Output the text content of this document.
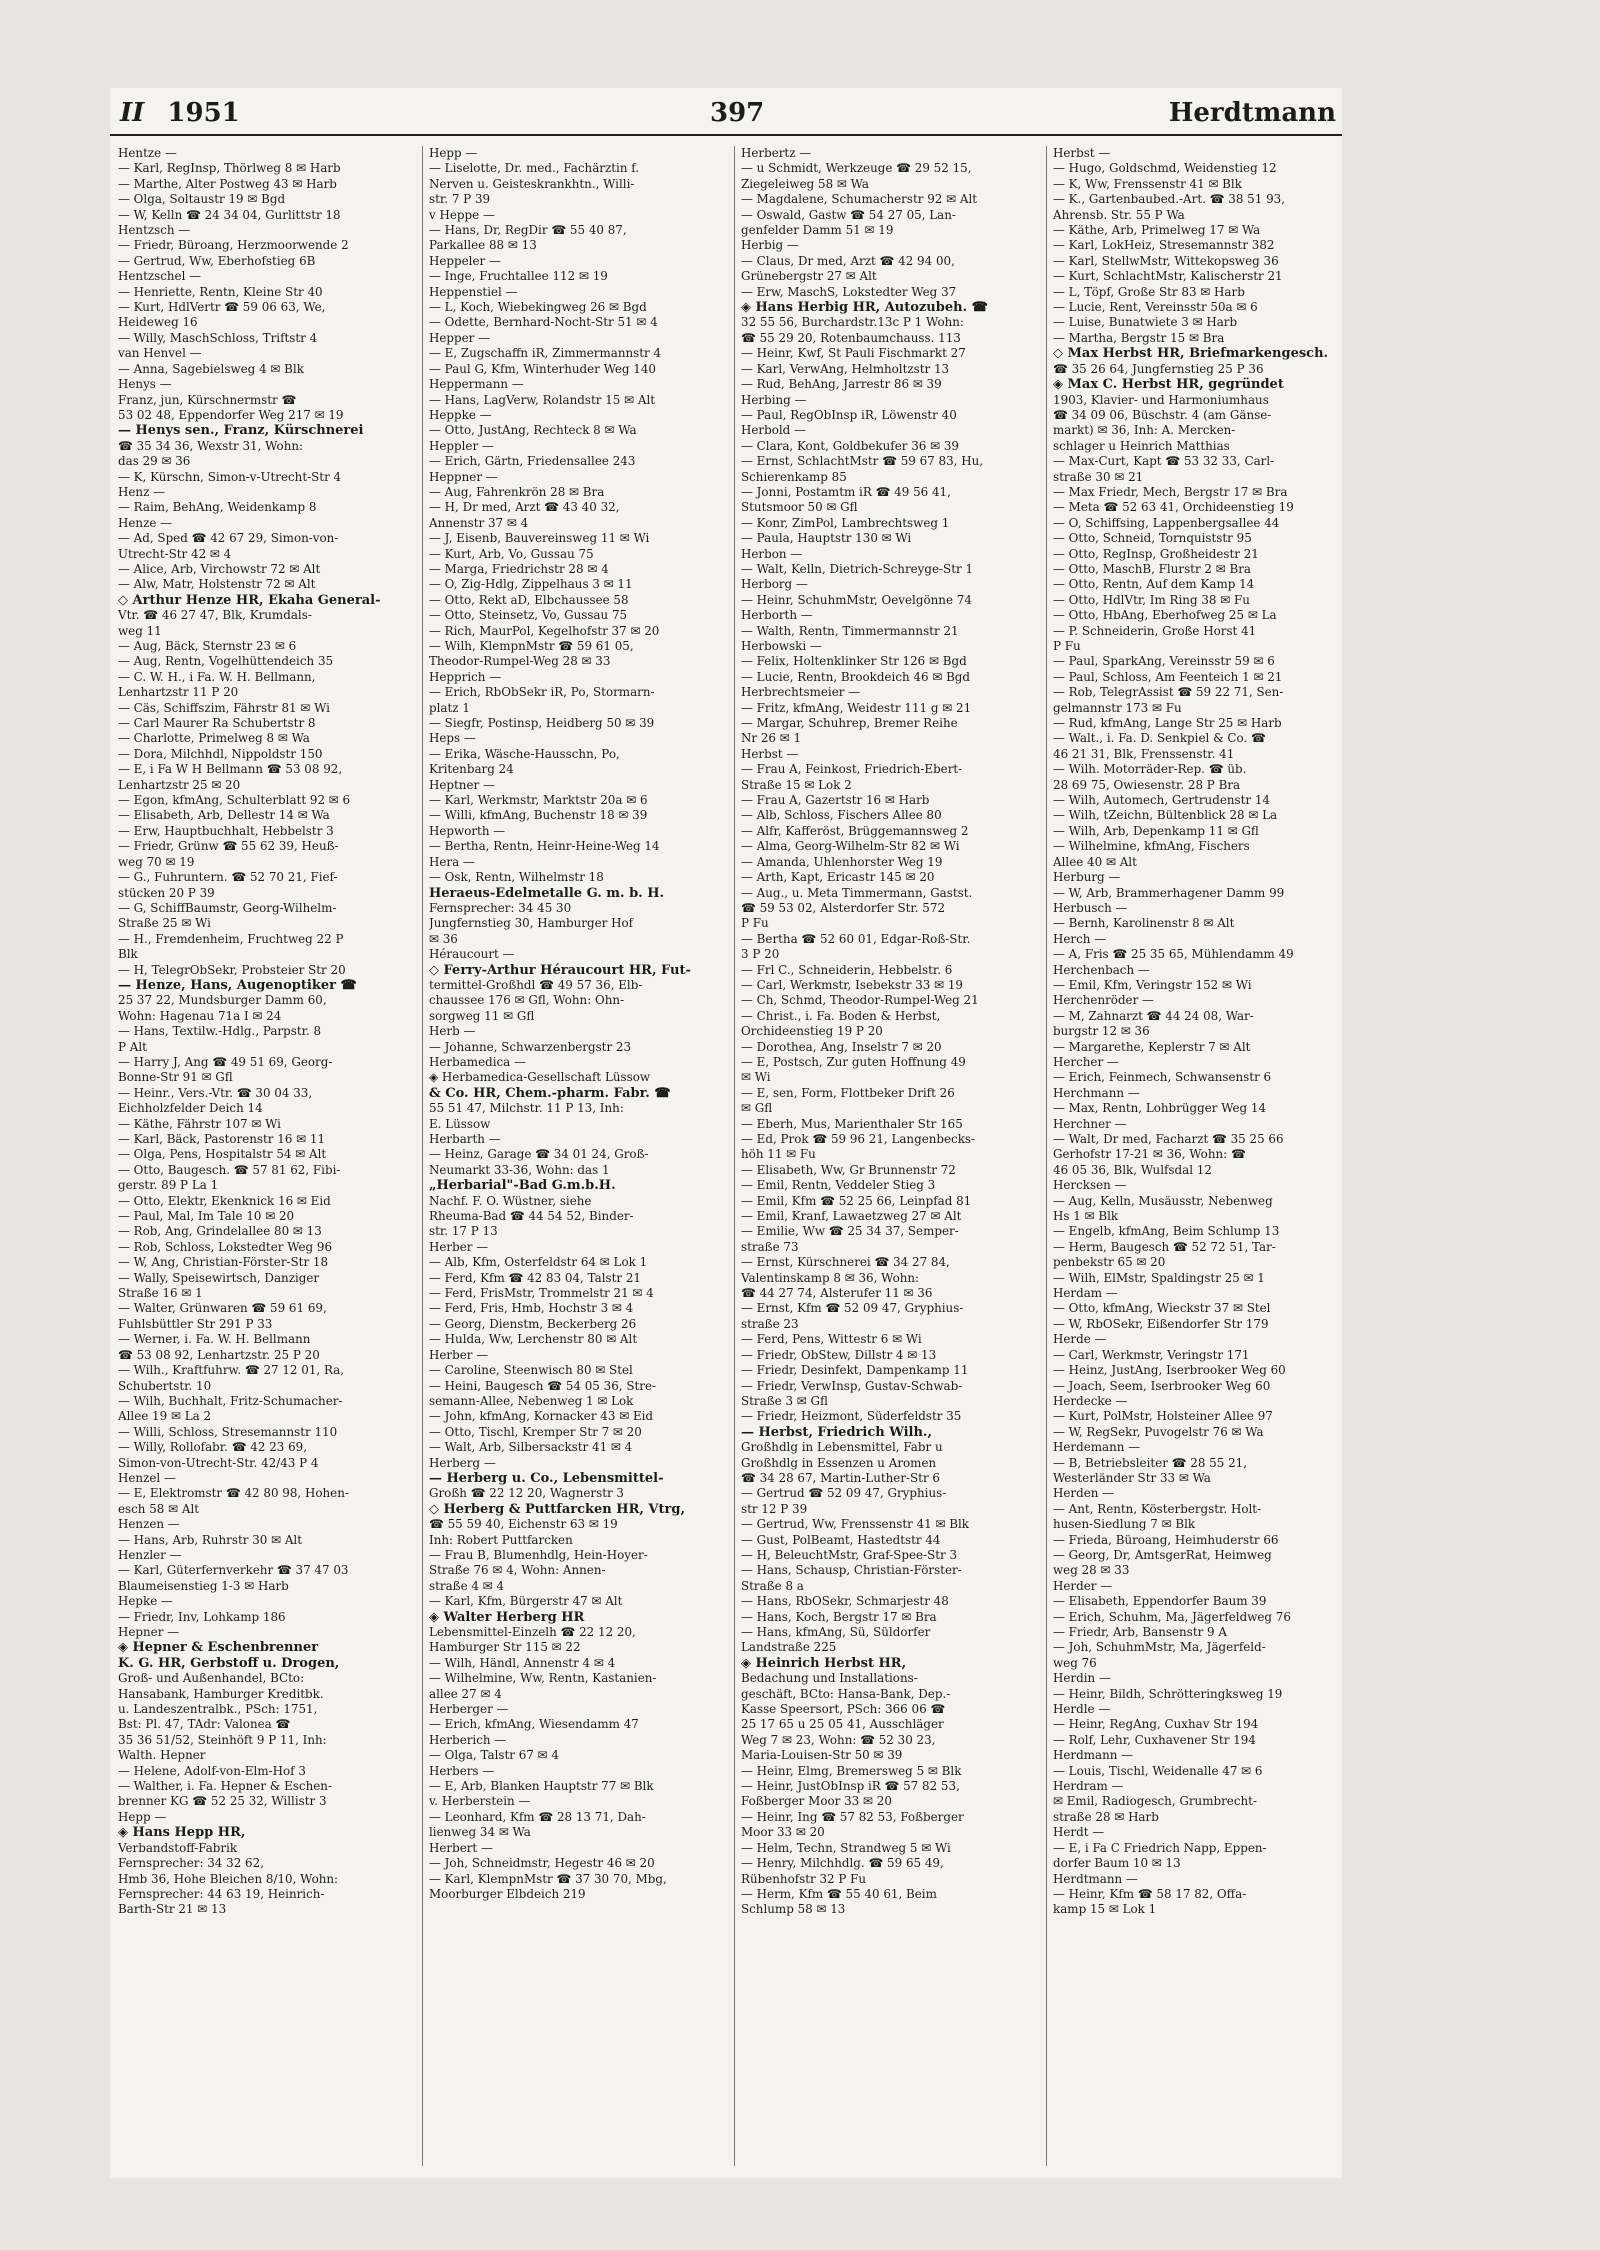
II 1951	397	Herdtmann
Hentze —
— Karl, RegInsp, Thörlweg 8 ✉ Harb
— Marthe, Alter Postweg 43 ✉ Harb
— Olga, Soltaustr 19 ✉ Bgd
— W, Kelln ☎ 24 34 04, Gurlittstr 18
Hentzsch —
— Friedr, Büroang, Herzmoorwende 2
— Gertrud, Ww, Eberhofstieg 6B
Hentzschel —
— Henriette, Rentn, Kleine Str 40
— Kurt, HdlVertr ☎ 59 06 63, We,
Heideweg 16
— Willy, MaschSchloss, Triftstr 4
van Henvel —
— Anna, Sagebielsweg 4 ✉ Blk
Henys —
Franz, jun, Kürschnermstr ☎
53 02 48, Eppendorfer Weg 217 ✉ 19
— Henys sen., Franz, Kürschnerei
☎ 35 34 36, Wexstr 31, Wohn:
das 29 ✉ 36
— K, Kürschn, Simon-v-Utrecht-Str 4
Henz —
— Raim, BehAng, Weidenkamp 8
Henze —
— Ad, Sped ☎ 42 67 29, Simon-von-
Utrecht-Str 42 ✉ 4
— Alice, Arb, Virchowstr 72 ✉ Alt
— Alw, Matr, Holstenstr 72 ✉ Alt
◇ Arthur Henze HR, Ekaha General-
Vtr. ☎ 46 27 47, Blk, Krumdals-
weg 11
— Aug, Bäck, Sternstr 23 ✉ 6
— Aug, Rentn, Vogelhüttendeich 35
— C. W. H., i Fa. W. H. Bellmann,
Lenhartzstr 11 P 20
— Cäs, Schiffszim, Fährstr 81 ✉ Wi
— Carl Maurer Ra Schubertstr 8
— Charlotte, Primelweg 8 ✉ Wa
— Dora, Milchhdl, Nippoldstr 150
— E, i Fa W H Bellmann ☎ 53 08 92,
Lenhartzstr 25 ✉ 20
— Egon, kfmAng, Schulterblatt 92 ✉ 6
— Elisabeth, Arb, Dellestr 14 ✉ Wa
— Erw, Hauptbuchhalt, Hebbelstr 3
— Friedr, Grünw ☎ 55 62 39, Heuß-
weg 70 ✉ 19
— G., Fuhruntern. ☎ 52 70 21, Fief-
stücken 20 P 39
— G, SchiffBaumstr, Georg-Wilhelm-
Straße 25 ✉ Wi
— H., Fremdenheim, Fruchtweg 22 P
Blk
— H, TelegrObSekr, Probsteier Str 20
— Henze, Hans, Augenoptiker ☎
25 37 22, Mundsburger Damm 60,
Wohn: Hagenau 71a I ✉ 24
— Hans, Textilw.-Hdlg., Parpstr. 8
P Alt
— Harry J, Ang ☎ 49 51 69, Georg-
Bonne-Str 91 ✉ Gfl
— Heinr., Vers.-Vtr. ☎ 30 04 33,
Eichholzfelder Deich 14
— Käthe, Fährstr 107 ✉ Wi
— Karl, Bäck, Pastorenstr 16 ✉ 11
— Olga, Pens, Hospitalstr 54 ✉ Alt
— Otto, Baugesch. ☎ 57 81 62, Fibi-
gerstr. 89 P La 1
— Otto, Elektr, Ekenknick 16 ✉ Eid
— Paul, Mal, Im Tale 10 ✉ 20
— Rob, Ang, Grindelallee 80 ✉ 13
— Rob, Schloss, Lokstedter Weg 96
— W, Ang, Christian-Förster-Str 18
— Wally, Speisewirtsch, Danziger
Straße 16 ✉ 1
— Walter, Grünwaren ☎ 59 61 69,
Fuhlsbüttler Str 291 P 33
— Werner, i. Fa. W. H. Bellmann
☎ 53 08 92, Lenhartzstr. 25 P 20
— Wilh., Kraftfuhrw. ☎ 27 12 01, Ra,
Schubertstr. 10
— Wilh, Buchhalt, Fritz-Schumacher-
Allee 19 ✉ La 2
— Willi, Schloss, Stresemannstr 110
— Willy, Rollofabr. ☎ 42 23 69,
Simon-von-Utrecht-Str. 42/43 P 4
Henzel —
— E, Elektromstr ☎ 42 80 98, Hohen-
esch 58 ✉ Alt
Henzen —
— Hans, Arb, Ruhrstr 30 ✉ Alt
Henzler —
— Karl, Güterfernverkehr ☎ 37 47 03
Blaumeisenstieg 1-3 ✉ Harb
Hepke —
— Friedr, Inv, Lohkamp 186
Hepner —
◈ Hepner & Eschenbrenner
K. G. HR, Gerbstoff u. Drogen,
Groß- und Außenhandel, BCto:
Hansabank, Hamburger Kreditbk.
u. Landeszentralbk., PSch: 1751,
Bst: Pl. 47, TAdr: Valonea ☎
35 36 51/52, Steinhöft 9 P 11, Inh:
Walth. Hepner
— Helene, Adolf-von-Elm-Hof 3
— Walther, i. Fa. Hepner & Eschen-
brenner KG ☎ 52 25 32, Willistr 3
Hepp —
◈ Hans Hepp HR,
Verbandstoff-Fabrik
Fernsprecher: 34 32 62,
Hmb 36, Hohe Bleichen 8/10, Wohn:
Fernsprecher: 44 63 19, Heinrich-
Barth-Str 21 ✉ 13
Hepp —
— Liselotte, Dr. med., Fachärztin f.
Nerven u. Geisteskrankhtn., Willi-
str. 7 P 39
v Heppe —
— Hans, Dr, RegDir ☎ 55 40 87,
Parkallee 88 ✉ 13
Heppeler —
— Inge, Fruchtallee 112 ✉ 19
Heppenstiel —
— L, Koch, Wiebekingweg 26 ✉ Bgd
— Odette, Bernhard-Nocht-Str 51 ✉ 4
Hepper —
— E, Zugschaffn iR, Zimmermannstr 4
— Paul G, Kfm, Winterhuder Weg 140
Heppermann —
— Hans, LagVerw, Rolandstr 15 ✉ Alt
Heppke —
— Otto, JustAng, Rechteck 8 ✉ Wa
Heppler —
— Erich, Gärtn, Friedensallee 243
Heppner —
— Aug, Fahrenkrön 28 ✉ Bra
— H, Dr med, Arzt ☎ 43 40 32,
Annenstr 37 ✉ 4
— J, Eisenb, Bauvereinsweg 11 ✉ Wi
— Kurt, Arb, Vo, Gussau 75
— Marga, Friedrichstr 28 ✉ 4
— O, Zig-Hdlg, Zippelhaus 3 ✉ 11
— Otto, Rekt aD, Elbchaussee 58
— Otto, Steinsetz, Vo, Gussau 75
— Rich, MaurPol, Kegelhofstr 37 ✉ 20
— Wilh, KlempnMstr ☎ 59 61 05,
Theodor-Rumpel-Weg 28 ✉ 33
Hepprich —
— Erich, RbObSekr iR, Po, Stormarn-
platz 1
— Siegfr, Postinsp, Heidberg 50 ✉ 39
Heps —
— Erika, Wäsche-Hausschn, Po,
Kritenbarg 24
Heptner —
— Karl, Werkmstr, Marktstr 20a ✉ 6
— Willi, kfmAng, Buchenstr 18 ✉ 39
Hepworth —
— Bertha, Rentn, Heinr-Heine-Weg 14
Hera —
— Osk, Rentn, Wilhelmstr 18
Heraeus-Edelmetalle G. m. b. H.
Fernsprecher: 34 45 30
Jungfernstieg 30, Hamburger Hof
✉ 36
Héraucourt —
◇ Ferry-Arthur Héraucourt HR, Fut-
termittel-Großhdl ☎ 49 57 36, Elb-
chaussee 176 ✉ Gfl, Wohn: Ohn-
sorgweg 11 ✉ Gfl
Herb —
— Johanne, Schwarzenbergstr 23
Herbamedica —
◈ Herbamedica-Gesellschaft Lüssow
& Co. HR, Chem.-pharm. Fabr. ☎
55 51 47, Milchstr. 11 P 13, Inh:
E. Lüssow
Herbarth —
— Heinz, Garage ☎ 34 01 24, Groß-
Neumarkt 33-36, Wohn: das 1
„Herbarial"-Bad G.m.b.H.
Nachf. F. O. Wüstner, siehe
Rheuma-Bad ☎ 44 54 52, Binder-
str. 17 P 13
Herber —
— Alb, Kfm, Osterfeldstr 64 ✉ Lok 1
— Ferd, Kfm ☎ 42 83 04, Talstr 21
— Ferd, FrisMstr, Trommelstr 21 ✉ 4
— Ferd, Fris, Hmb, Hochstr 3 ✉ 4
— Georg, Dienstm, Beckerberg 26
— Hulda, Ww, Lerchenstr 80 ✉ Alt
Herber —
— Caroline, Steenwisch 80 ✉ Stel
— Heini, Baugesch ☎ 54 05 36, Stre-
semann-Allee, Nebenweg 1 ✉ Lok
— John, kfmAng, Kornacker 43 ✉ Eid
— Otto, Tischl, Kremper Str 7 ✉ 20
— Walt, Arb, Silbersackstr 41 ✉ 4
Herberg —
— Herberg u. Co., Lebensmittel-
Großh ☎ 22 12 20, Wagnerstr 3
◇ Herberg & Puttfarcken HR, Vtrg,
☎ 55 59 40, Eichenstr 63 ✉ 19
Inh: Robert Puttfarcken
— Frau B, Blumenhdlg, Hein-Hoyer-
Straße 76 ✉ 4, Wohn: Annen-
straße 4 ✉ 4
— Karl, Kfm, Bürgerstr 47 ✉ Alt
◈ Walter Herberg HR
Lebensmittel-Einzelh ☎ 22 12 20,
Hamburger Str 115 ✉ 22
— Wilh, Händl, Annenstr 4 ✉ 4
— Wilhelmine, Ww, Rentn, Kastanien-
allee 27 ✉ 4
Herberger —
— Erich, kfmAng, Wiesendamm 47
Herberich —
— Olga, Talstr 67 ✉ 4
Herbers —
— E, Arb, Blanken Hauptstr 77 ✉ Blk
v. Herberstein —
— Leonhard, Kfm ☎ 28 13 71, Dah-
lienweg 34 ✉ Wa
Herbert —
— Joh, Schneidmstr, Hegestr 46 ✉ 20
— Karl, KlempnMstr ☎ 37 30 70, Mbg,
Moorburger Elbdeich 219
Herbertz —
— u Schmidt, Werkzeuge ☎ 29 52 15,
Ziegeleiweg 58 ✉ Wa
— Magdalene, Schumacherstr 92 ✉ Alt
— Oswald, Gastw ☎ 54 27 05, Lan-
genfelder Damm 51 ✉ 19
Herbig —
— Claus, Dr med, Arzt ☎ 42 94 00,
Grünebergstr 27 ✉ Alt
— Erw, MaschS, Lokstedter Weg 37
◈ Hans Herbig HR, Autozubeh. ☎
32 55 56, Burchardstr.13c P 1 Wohn:
☎ 55 29 20, Rotenbaumchauss. 113
— Heinr, Kwf, St Pauli Fischmarkt 27
— Karl, VerwAng, Helmholtzstr 13
— Rud, BehAng, Jarrestr 86 ✉ 39
Herbing —
— Paul, RegObInsp iR, Löwenstr 40
Herbold —
— Clara, Kont, Goldbekufer 36 ✉ 39
— Ernst, SchlachtMstr ☎ 59 67 83, Hu,
Schierenkamp 85
— Jonni, Postamtm iR ☎ 49 56 41,
Stutsmoor 50 ✉ Gfl
— Konr, ZimPol, Lambrechtsweg 1
— Paula, Hauptstr 130 ✉ Wi
Herbon —
— Walt, Kelln, Dietrich-Schreyge-Str 1
Herborg —
— Heinr, SchuhmMstr, Oevelgönne 74
Herborth —
— Walth, Rentn, Timmermannstr 21
Herbowski —
— Felix, Holtenklinker Str 126 ✉ Bgd
— Lucie, Rentn, Brookdeich 46 ✉ Bgd
Herbrechtsmeier —
— Fritz, kfmAng, Weidestr 111 g ✉ 21
— Margar, Schuhrep, Bremer Reihe
Nr 26 ✉ 1
Herbst —
— Frau A, Feinkost, Friedrich-Ebert-
Straße 15 ✉ Lok 2
— Frau A, Gazertstr 16 ✉ Harb
— Alb, Schloss, Fischers Allee 80
— Alfr, Kafferöst, Brüggemannsweg 2
— Alma, Georg-Wilhelm-Str 82 ✉ Wi
— Amanda, Uhlenhorster Weg 19
— Arth, Kapt, Ericastr 145 ✉ 20
— Aug., u. Meta Timmermann, Gastst.
☎ 59 53 02, Alsterdorfer Str. 572
P Fu
— Bertha ☎ 52 60 01, Edgar-Roß-Str.
3 P 20
— Frl C., Schneiderin, Hebbelstr. 6
— Carl, Werkmstr, Isebekstr 33 ✉ 19
— Ch, Schmd, Theodor-Rumpel-Weg 21
— Christ., i. Fa. Boden & Herbst,
Orchideenstieg 19 P 20
— Dorothea, Ang, Inselstr 7 ✉ 20
— E, Postsch, Zur guten Hoffnung 49
✉ Wi
— E, sen, Form, Flottbeker Drift 26
✉ Gfl
— Eberh, Mus, Marienthaler Str 165
— Ed, Prok ☎ 59 96 21, Langenbecks-
höh 11 ✉ Fu
— Elisabeth, Ww, Gr Brunnenstr 72
— Emil, Rentn, Veddeler Stieg 3
— Emil, Kfm ☎ 52 25 66, Leinpfad 81
— Emil, Kranf, Lawaetzweg 27 ✉ Alt
— Emilie, Ww ☎ 25 34 37, Semper-
straße 73
— Ernst, Kürschnerei ☎ 34 27 84,
Valentinskamp 8 ✉ 36, Wohn:
☎ 44 27 74, Alsterufer 11 ✉ 36
— Ernst, Kfm ☎ 52 09 47, Gryphius-
straße 23
— Ferd, Pens, Wittestr 6 ✉ Wi
— Friedr, ObStew, Dillstr 4 ✉ 13
— Friedr, Desinfekt, Dampenkamp 11
— Friedr, VerwInsp, Gustav-Schwab-
Straße 3 ✉ Gfl
— Friedr, Heizmont, Süderfeldstr 35
— Herbst, Friedrich Wilh.,
Großhdlg in Lebensmittel, Fabr u
Großhdlg in Essenzen u Aromen
☎ 34 28 67, Martin-Luther-Str 6
— Gertrud ☎ 52 09 47, Gryphius-
str 12 P 39
— Gertrud, Ww, Frenssenstr 41 ✉ Blk
— Gust, PolBeamt, Hastedtstr 44
— H, BeleuchtMstr, Graf-Spee-Str 3
— Hans, Schausp, Christian-Förster-
Straße 8 a
— Hans, RbOSekr, Schmarjestr 48
— Hans, Koch, Bergstr 17 ✉ Bra
— Hans, kfmAng, Sü, Süldorfer
Landstraße 225
◈ Heinrich Herbst HR,
Bedachung und Installations-
geschäft, BCto: Hansa-Bank, Dep.-
Kasse Speersort, PSch: 366 06 ☎
25 17 65 u 25 05 41, Ausschläger
Weg 7 ✉ 23, Wohn: ☎ 52 30 23,
Maria-Louisen-Str 50 ✉ 39
— Heinr, Elmg, Bremersweg 5 ✉ Blk
— Heinr, JustObInsp iR ☎ 57 82 53,
Foßberger Moor 33 ✉ 20
— Heinr, Ing ☎ 57 82 53, Foßberger
Moor 33 ✉ 20
— Helm, Techn, Strandweg 5 ✉ Wi
— Henry, Milchhdlg. ☎ 59 65 49,
Rübenhofstr 32 P Fu
— Herm, Kfm ☎ 55 40 61, Beim
Schlump 58 ✉ 13
Herbst —
— Hugo, Goldschmd, Weidenstieg 12
— K, Ww, Frenssenstr 41 ✉ Blk
— K., Gartenbaubed.-Art. ☎ 38 51 93,
Ahrensb. Str. 55 P Wa
— Käthe, Arb, Primelweg 17 ✉ Wa
— Karl, LokHeiz, Stresemannstr 382
— Karl, StellwMstr, Wittekopsweg 36
— Kurt, SchlachtMstr, Kalischerstr 21
— L, Töpf, Große Str 83 ✉ Harb
— Lucie, Rent, Vereinsstr 50a ✉ 6
— Luise, Bunatwiete 3 ✉ Harb
— Martha, Bergstr 15 ✉ Bra
◇ Max Herbst HR, Briefmarkengesch.
☎ 35 26 64, Jungfernstieg 25 P 36
◈ Max C. Herbst HR, gegründet
1903, Klavier- und Harmoniumhaus
☎ 34 09 06, Büschstr. 4 (am Gänse-
markt) ✉ 36, Inh: A. Mercken-
schlager u Heinrich Matthias
— Max-Curt, Kapt ☎ 53 32 33, Carl-
straße 30 ✉ 21
— Max Friedr, Mech, Bergstr 17 ✉ Bra
— Meta ☎ 52 63 41, Orchideenstieg 19
— O, Schiffsing, Lappenbergsallee 44
— Otto, Schneid, Tornquiststr 95
— Otto, RegInsp, Großheidestr 21
— Otto, MaschB, Flurstr 2 ✉ Bra
— Otto, Rentn, Auf dem Kamp 14
— Otto, HdlVtr, Im Ring 38 ✉ Fu
— Otto, HbAng, Eberhofweg 25 ✉ La
— P. Schneiderin, Große Horst 41
P Fu
— Paul, SparkAng, Vereinsstr 59 ✉ 6
— Paul, Schloss, Am Feenteich 1 ✉ 21
— Rob, TelegrAssist ☎ 59 22 71, Sen-
gelmannstr 173 ✉ Fu
— Rud, kfmAng, Lange Str 25 ✉ Harb
— Walt., i. Fa. D. Senkpiel & Co. ☎
46 21 31, Blk, Frenssenstr. 41
— Wilh. Motorräder-Rep. ☎ üb.
28 69 75, Owiesenstr. 28 P Bra
— Wilh, Automech, Gertrudenstr 14
— Wilh, tZeichn, Bültenblick 28 ✉ La
— Wilh, Arb, Depenkamp 11 ✉ Gfl
— Wilhelmine, kfmAng, Fischers
Allee 40 ✉ Alt
Herburg —
— W, Arb, Brammerhagener Damm 99
Herbusch —
— Bernh, Karolinenstr 8 ✉ Alt
Herch —
— A, Fris ☎ 25 35 65, Mühlendamm 49
Herchenbach —
— Emil, Kfm, Veringstr 152 ✉ Wi
Herchenröder —
— M, Zahnarzt ☎ 44 24 08, War-
burgstr 12 ✉ 36
— Margarethe, Keplerstr 7 ✉ Alt
Hercher —
— Erich, Feinmech, Schwansenstr 6
Herchmann —
— Max, Rentn, Lohbrügger Weg 14
Herchner —
— Walt, Dr med, Facharzt ☎ 35 25 66
Gerhofstr 17-21 ✉ 36, Wohn: ☎
46 05 36, Blk, Wulfsdal 12
Hercksen —
— Aug, Kelln, Musäusstr, Nebenweg
Hs 1 ✉ Blk
— Engelb, kfmAng, Beim Schlump 13
— Herm, Baugesch ☎ 52 72 51, Tar-
penbekstr 65 ✉ 20
— Wilh, ElMstr, Spaldingstr 25 ✉ 1
Herdam —
— Otto, kfmAng, Wieckstr 37 ✉ Stel
— W, RbOSekr, Eißendorfer Str 179
Herde —
— Carl, Werkmstr, Veringstr 171
— Heinz, JustAng, Iserbrooker Weg 60
— Joach, Seem, Iserbrooker Weg 60
Herdecke —
— Kurt, PolMstr, Holsteiner Allee 97
— W, RegSekr, Puvogelstr 76 ✉ Wa
Herdemann —
— B, Betriebsleiter ☎ 28 55 21,
Westerländer Str 33 ✉ Wa
Herden —
— Ant, Rentn, Kösterbergstr. Holt-
husen-Siedlung 7 ✉ Blk
— Frieda, Büroang, Heimhuderstr 66
— Georg, Dr, AmtsgerRat, Heimweg
weg 28 ✉ 33
Herder —
— Elisabeth, Eppendorfer Baum 39
— Erich, Schuhm, Ma, Jägerfeldweg 76
— Friedr, Arb, Bansenstr 9 A
— Joh, SchuhmMstr, Ma, Jägerfeld-
weg 76
Herdin —
— Heinr, Bildh, Schrötteringksweg 19
Herdle —
— Heinr, RegAng, Cuxhav Str 194
— Rolf, Lehr, Cuxhavener Str 194
Herdmann —
— Louis, Tischl, Weidenalle 47 ✉ 6
Herdram —
✉ Emil, Radiogesch, Grumbrecht-
straße 28 ✉ Harb
Herdt —
— E, i Fa C Friedrich Napp, Eppen-
dorfer Baum 10 ✉ 13
Herdtmann —
— Heinr, Kfm ☎ 58 17 82, Offa-
kamp 15 ✉ Lok 1
